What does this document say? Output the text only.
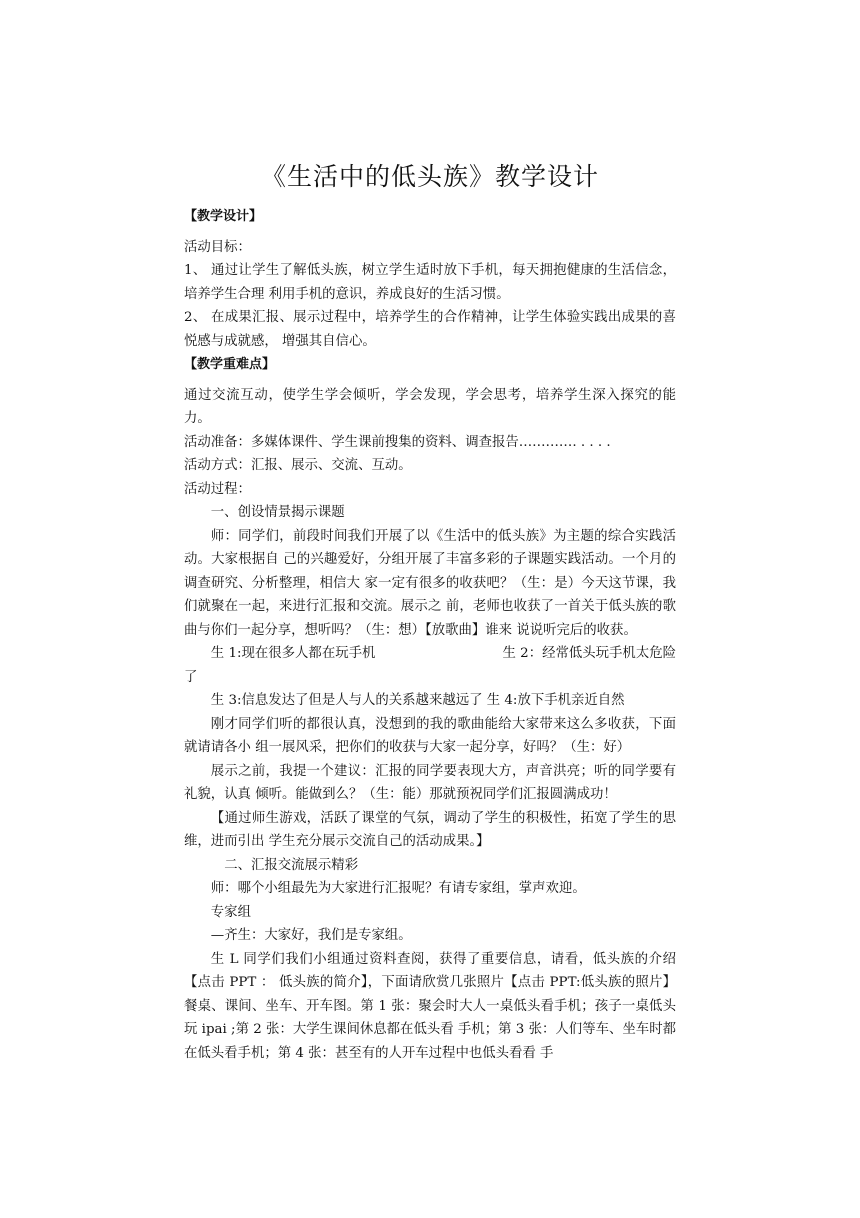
《生活中的低头族》教学设计

【教学设计】

活动目标：

1、 通过让学生了解低头族，树立学生适时放下手机，每天拥抱健康的生活信念，培养学生合理 利用手机的意识，养成良好的生活习惯。

2、 在成果汇报、展示过程中，培养学生的合作精神，让学生体验实践出成果的喜悦感与成就感， 增强其自信心。

【教学重难点】

通过交流互动，使学生学会倾听，学会发现，学会思考，培养学生深入探究的能力。

活动准备：多媒体课件、学生课前搜集的资料、调查报告…………. . . . .

活动方式：汇报、展示、交流、互动。

活动过程：

一、创设情景揭示课题

师：同学们，前段时间我们开展了以《生活中的低头族》为主题的综合实践活动。大家根据自 己的兴趣爱好，分组开展了丰富多彩的子课题实践活动。一个月的调查研究、分析整理，相信大 家一定有很多的收获吧？（生：是）今天这节课，我们就聚在一起，来进行汇报和交流。展示之 前，老师也收获了一首关于低头族的歌曲与你们一起分享，想听吗？（生：想）【放歌曲】谁来 说说听完后的收获。

生 1:现在很多人都在玩手机	生 2：经常低头玩手机太危险

了

生 3:信息发达了但是人与人的关系越来越远了 生 4:放下手机亲近自然

刚才同学们听的都很认真，没想到的我的歌曲能给大家带来这么多收获，下面就请请各小 组一展风采，把你们的收获与大家一起分享，好吗？（生：好）

展示之前，我提一个建议：汇报的同学要表现大方，声音洪亮；听的同学要有礼貌，认真 倾听。能做到么？（生：能）那就预祝同学们汇报圆满成功！

【通过师生游戏，活跃了课堂的气氛，调动了学生的积极性，拓宽了学生的思维，进而引出 学生充分展示交流自己的活动成果。】

二、汇报交流展示精彩

师：哪个小组最先为大家进行汇报呢？有请专家组，掌声欢迎。

专家组

—齐生：大家好，我们是专家组。

生 L 同学们我们小组通过资料查阅，获得了重要信息，请看，低头族的介绍【点击 PPT ： 低头族的简介】，下面请欣赏几张照片【点击 PPT:低头族的照片】餐桌、课间、坐车、开车图。第 1 张：聚会时大人一桌低头看手机；孩子一桌低头玩 ipai ;第 2 张：大学生课间休息都在低头看 手机；第 3 张：人们等车、坐车时都在低头看手机；第 4 张：甚至有的人开车过程中也低头看看 手
